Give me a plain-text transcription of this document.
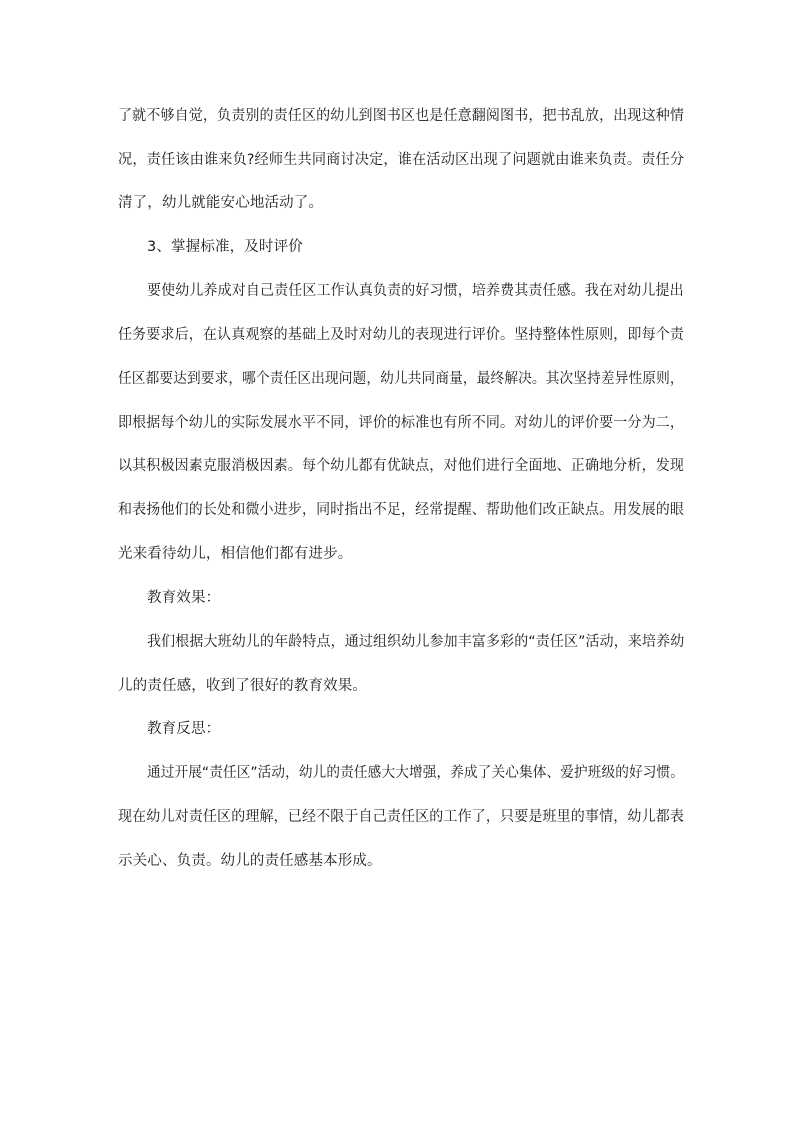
了就不够自觉，负责别的责任区的幼儿到图书区也是任意翻阅图书，把书乱放，出现这种情
况，责任该由谁来负?经师生共同商讨决定，谁在活动区出现了问题就由谁来负责。责任分
清了，幼儿就能安心地活动了。
3、掌握标准，及时评价
要使幼儿养成对自己责任区工作认真负责的好习惯，培养费其责任感。我在对幼儿提出
任务要求后，在认真观察的基础上及时对幼儿的表现进行评价。坚持整体性原则，即每个责
任区都要达到要求，哪个责任区出现问题，幼儿共同商量，最终解决。其次坚持差异性原则，
即根据每个幼儿的实际发展水平不同，评价的标准也有所不同。对幼儿的评价要一分为二，
以其积极因素克服消极因素。每个幼儿都有优缺点，对他们进行全面地、正确地分析，发现
和表扬他们的长处和微小进步，同时指出不足，经常提醒、帮助他们改正缺点。用发展的眼
光来看待幼儿，相信他们都有进步。
教育效果：
我们根据大班幼儿的年龄特点，通过组织幼儿参加丰富多彩的“责任区”活动，来培养幼
儿的责任感，收到了很好的教育效果。
教育反思：
通过开展“责任区”活动，幼儿的责任感大大增强，养成了关心集体、爱护班级的好习惯。
现在幼儿对责任区的理解，已经不限于自己责任区的工作了，只要是班里的事情，幼儿都表
示关心、负责。幼儿的责任感基本形成。
